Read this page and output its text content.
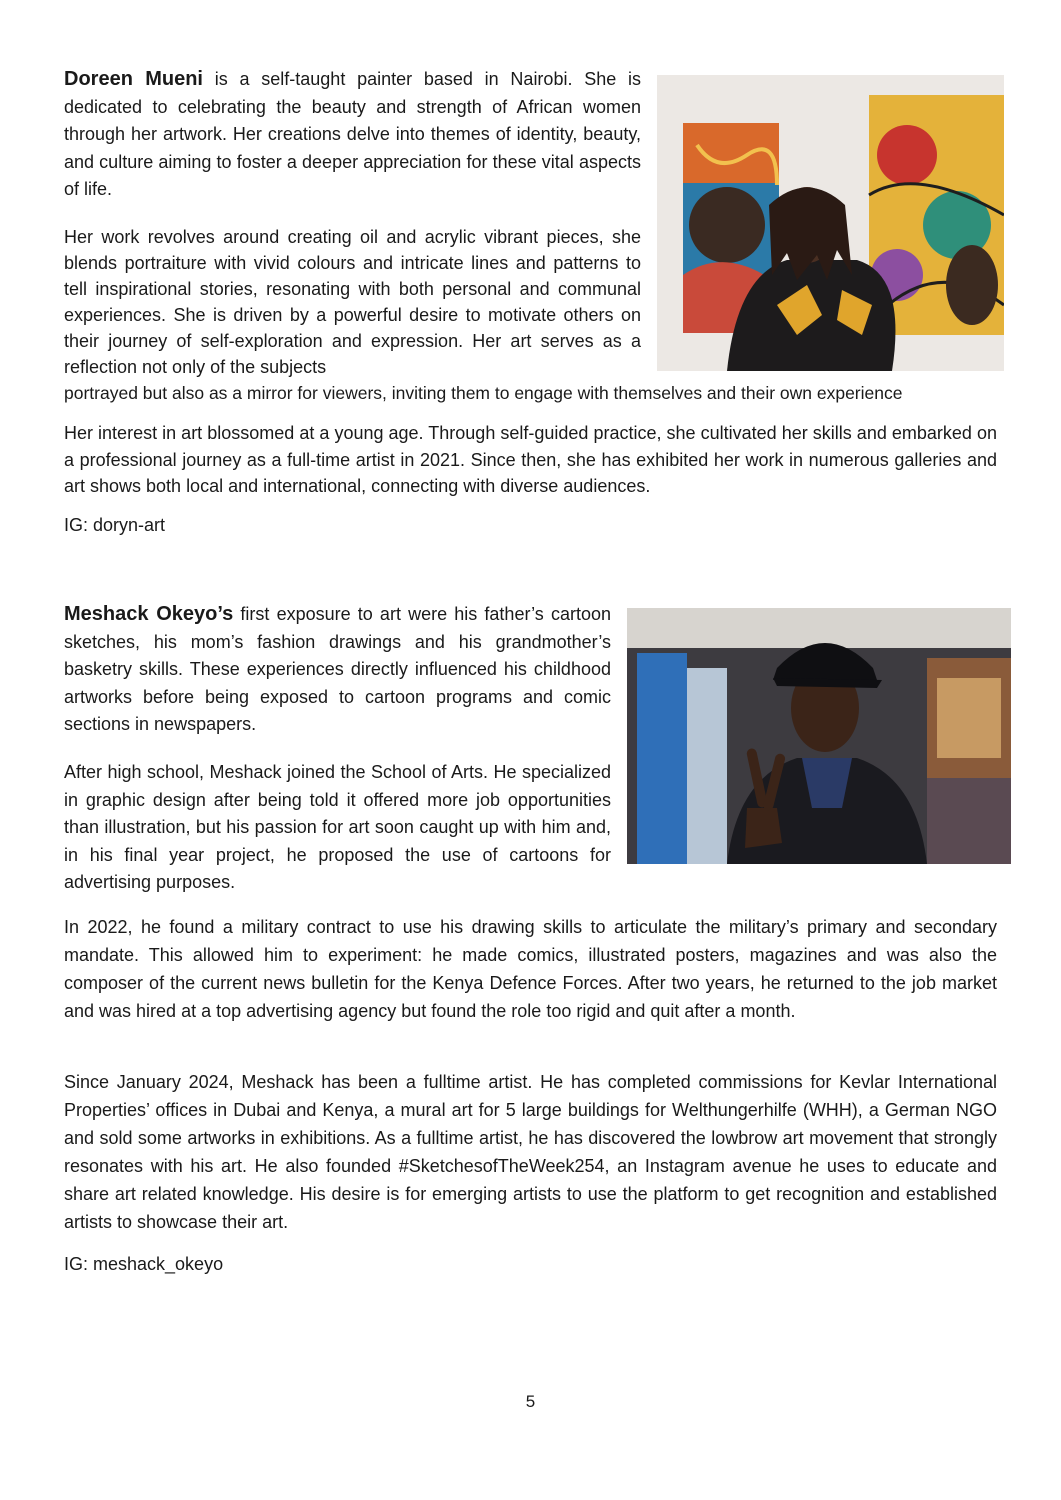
Doreen Mueni is a self-taught painter based in Nairobi. She is dedicated to celebrating the beauty and strength of African women through her artwork. Her creations delve into themes of identity, beauty, and culture aiming to foster a deeper appreciation for these vital aspects of life.

Her work revolves around creating oil and acrylic vibrant pieces, she blends portraiture with vivid colours and intricate lines and patterns to tell inspirational stories, resonating with both personal and communal experiences. She is driven by a powerful desire to motivate others on their journey of self-exploration and expression. Her art serves as a reflection not only of the subjects

portrayed but also as a mirror for viewers, inviting them to engage with themselves and their own experience

Her interest in art blossomed at a young age. Through self-guided practice, she cultivated her skills and embarked on a professional journey as a full-time artist in 2021. Since then, she has exhibited her work in numerous galleries and art shows both local and international, connecting with diverse audiences.

IG: doryn-art

Meshack Okeyo’s first exposure to art were his father’s cartoon sketches, his mom’s fashion drawings and his grandmother’s basketry skills. These experiences directly influenced his childhood artworks before being exposed to cartoon programs and comic sections in newspapers.

After high school, Meshack joined the School of Arts. He specialized in graphic design after being told it offered more job opportunities than illustration, but his passion for art soon caught up with him and, in his final year project, he proposed the use of cartoons for advertising purposes.

In 2022, he found a military contract to use his drawing skills to articulate the military’s primary and secondary mandate. This allowed him to experiment: he made comics, illustrated posters, magazines and was also the composer of the current news bulletin for the Kenya Defence Forces. After two years, he returned to the job market and was hired at a top advertising agency but found the role too rigid and quit after a month.

Since January 2024, Meshack has been a fulltime artist. He has completed commissions for Kevlar International Properties’ offices in Dubai and Kenya, a mural art for 5 large buildings for Welthungerhilfe (WHH), a German NGO and sold some artworks in exhibitions. As a fulltime artist, he has discovered the lowbrow art movement that strongly resonates with his art. He also founded #SketchesofTheWeek254, an Instagram avenue he uses to educate and share art related knowledge. His desire is for emerging artists to use the platform to get recognition and established artists to showcase their art.

IG: meshack_okeyo
5
